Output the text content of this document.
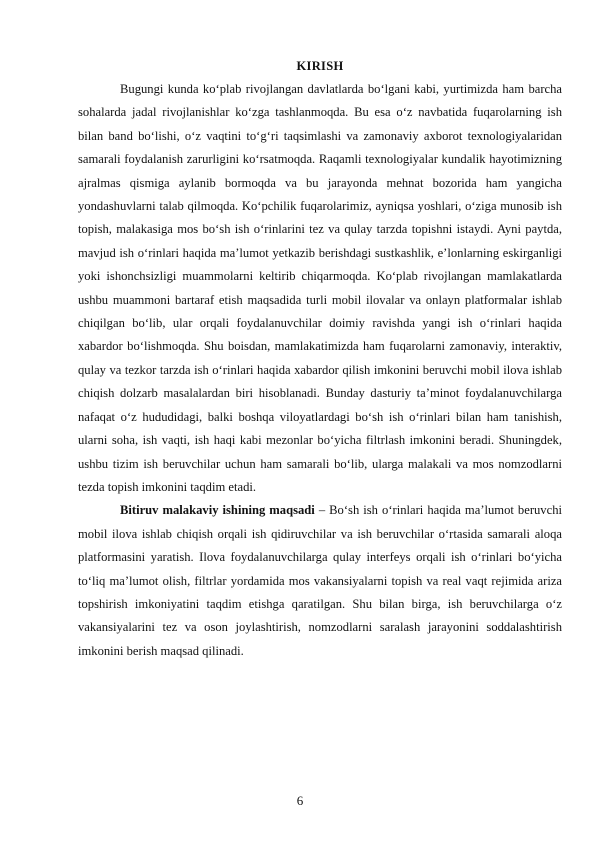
KIRISH

Bugungi kunda ko‘plab rivojlangan davlatlarda bo‘lgani kabi, yurtimizda ham barcha sohalarda jadal rivojlanishlar ko‘zga tashlanmoqda. Bu esa o‘z navbatida fuqarolarning ish bilan band bo‘lishi, o‘z vaqtini to‘g‘ri taqsimlashi va zamonaviy axborot texnologiyalaridan samarali foydalanish zarurligini ko‘rsatmoqda. Raqamli texnologiyalar kundalik hayotimizning ajralmas qismiga aylanib bormoqda va bu jarayonda mehnat bozorida ham yangicha yondashuvlarni talab qilmoqda. Ko‘pchilik fuqarolarimiz, ayniqsa yoshlari, o‘ziga munosib ish topish, malakasiga mos bo‘sh ish o‘rinlarini tez va qulay tarzda topishni istaydi. Ayni paytda, mavjud ish o‘rinlari haqida ma’lumot yetkazib berishdagi sustkashlik, e’lonlarning eskirganligi yoki ishonchsizligi muammolarni keltirib chiqarmoqda. Ko‘plab rivojlangan mamlakatlarda ushbu muammoni bartaraf etish maqsadida turli mobil ilovalar va onlayn platformalar ishlab chiqilgan bo‘lib, ular orqali foydalanuvchilar doimiy ravishda yangi ish o‘rinlari haqida xabardor bo‘lishmoqda. Shu boisdan, mamlakatimizda ham fuqarolarni zamonaviy, interaktiv, qulay va tezkor tarzda ish o‘rinlari haqida xabardor qilish imkonini beruvchi mobil ilova ishlab chiqish dolzarb masalalardan biri hisoblanadi. Bunday dasturiy ta’minot foydalanuvchilarga nafaqat o‘z hududidagi, balki boshqa viloyatlardagi bo‘sh ish o‘rinlari bilan ham tanishish, ularni soha, ish vaqti, ish haqi kabi mezonlar bo‘yicha filtrlash imkonini beradi. Shuningdek, ushbu tizim ish beruvchilar uchun ham samarali bo‘lib, ularga malakali va mos nomzodlarni tezda topish imkonini taqdim etadi.

Bitiruv malakaviy ishining maqsadi – Bo‘sh ish o‘rinlari haqida ma’lumot beruvchi mobil ilova ishlab chiqish orqali ish qidiruvchilar va ish beruvchilar o‘rtasida samarali aloqa platformasini yaratish. Ilova foydalanuvchilarga qulay interfeys orqali ish o‘rinlari bo‘yicha to‘liq ma’lumot olish, filtrlar yordamida mos vakansiyalarni topish va real vaqt rejimida ariza topshirish imkoniyatini taqdim etishga qaratilgan. Shu bilan birga, ish beruvchilarga o‘z vakansiyalarini tez va oson joylashtirish, nomzodlarni saralash jarayonini soddalashtirish imkonini berish maqsad qilinadi.

6
